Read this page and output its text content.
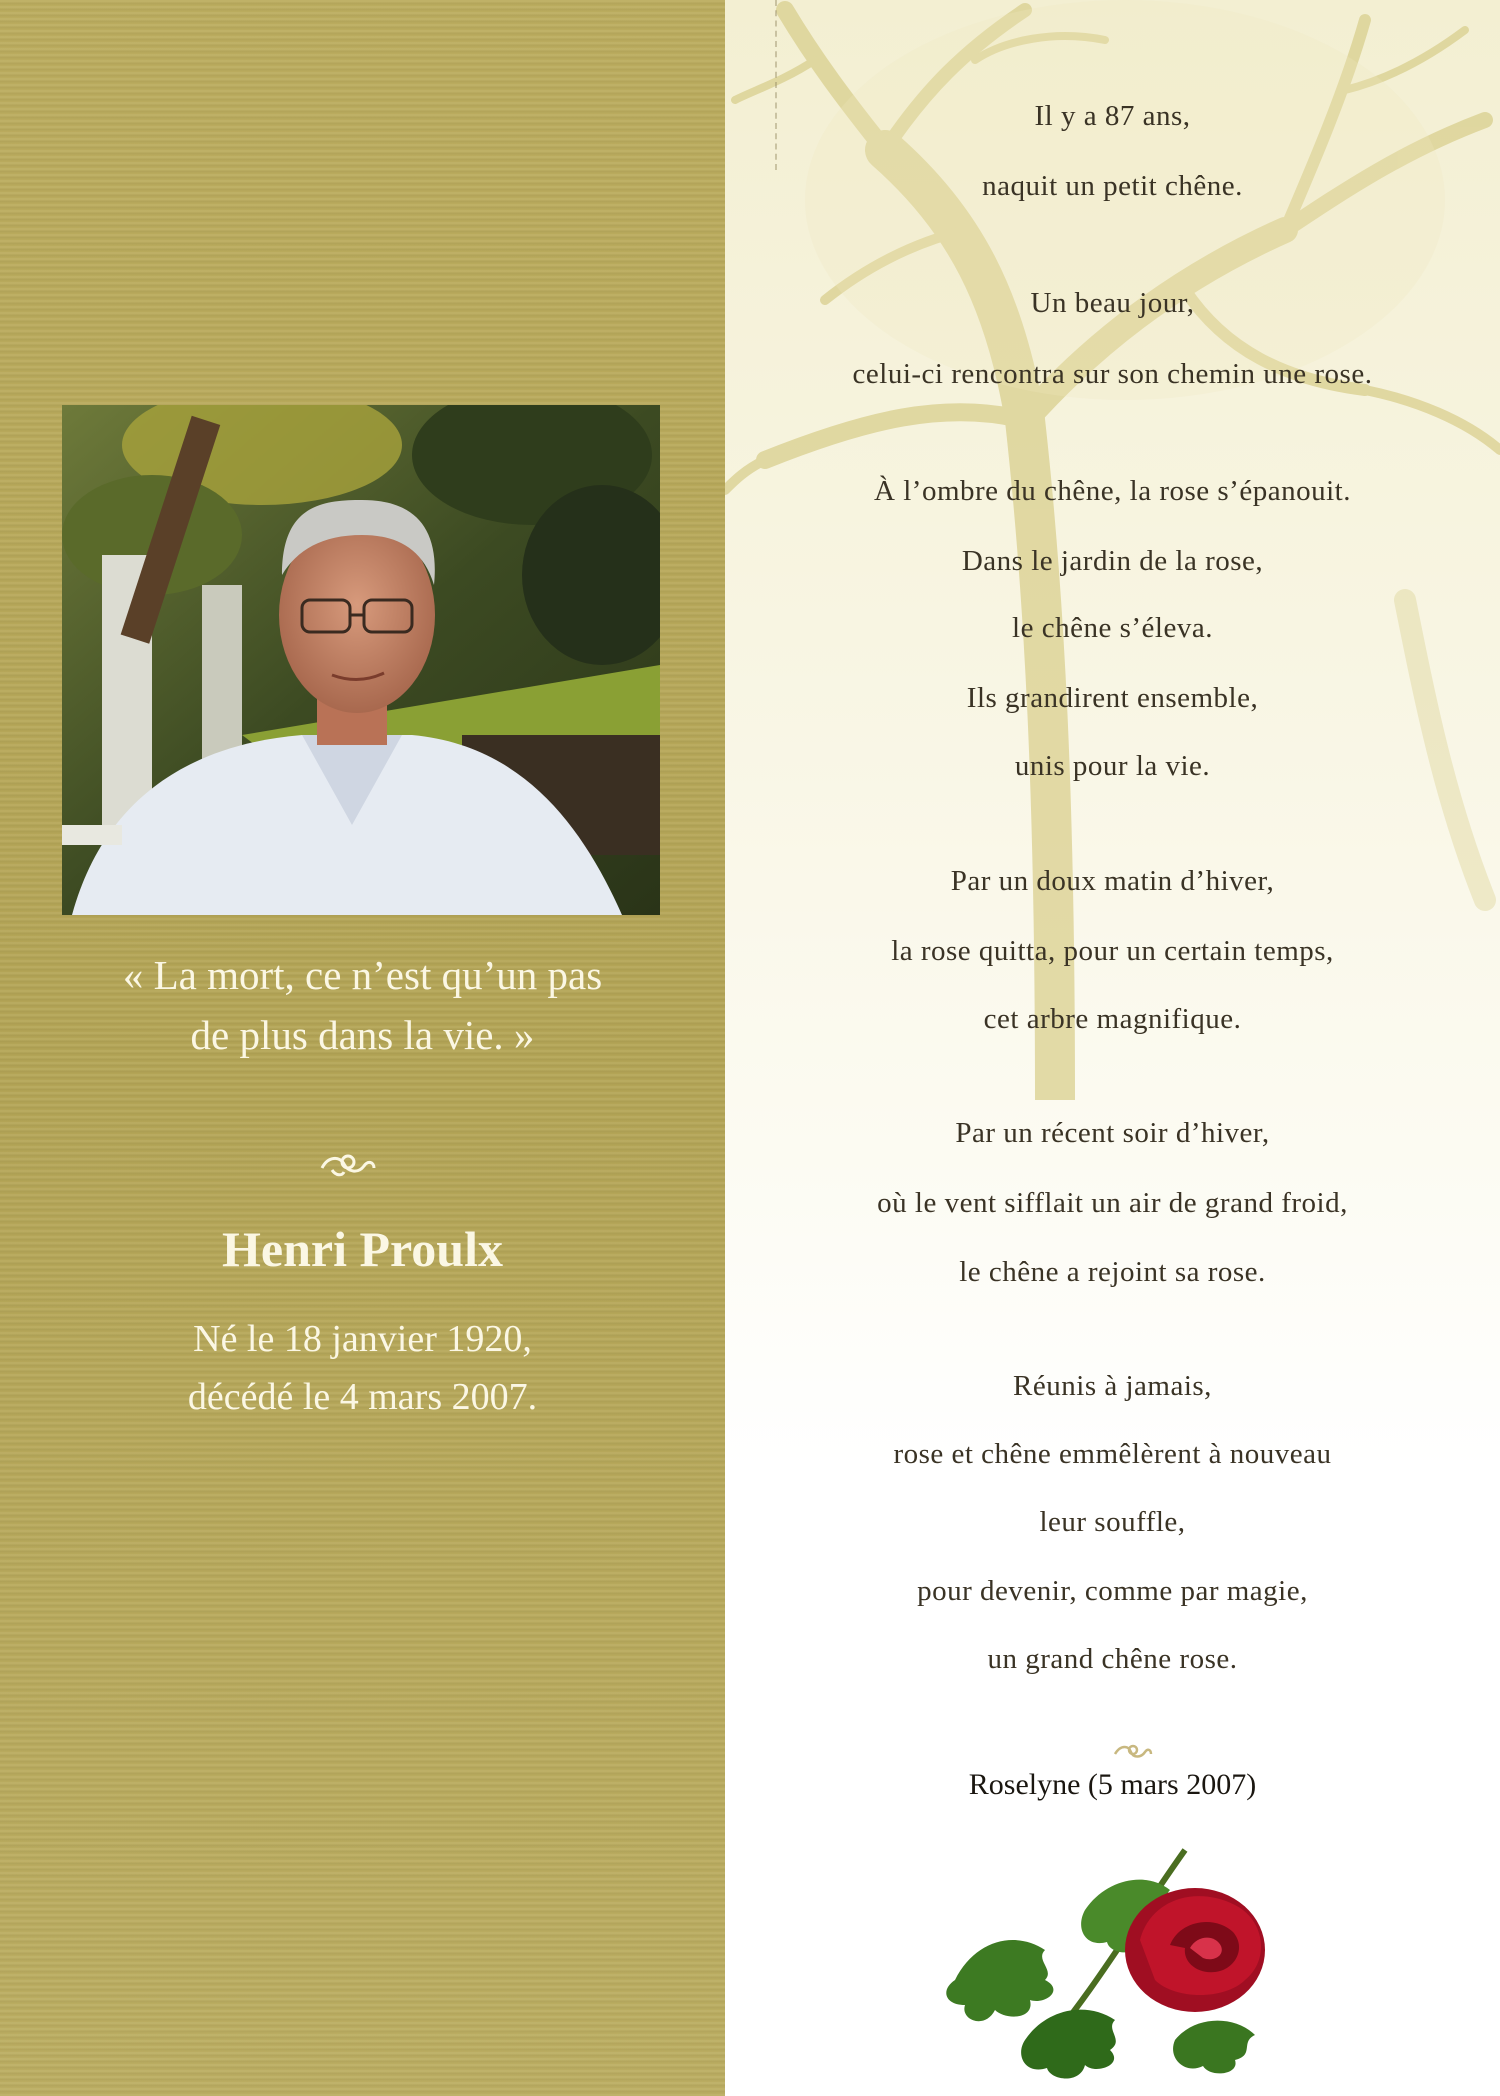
« La mort, ce n’est qu’un pas
de plus dans la vie. »
Henri Proulx
Né le 18 janvier 1920,
décédé le 4 mars 2007.
Il y a 87 ans,
naquit un petit chêne.
Un beau jour,
celui-ci rencontra sur son chemin une rose.
À l’ombre du chêne, la rose s’épanouit.
Dans le jardin de la rose,
le chêne s’éleva.
Ils grandirent ensemble,
unis pour la vie.
Par un doux matin d’hiver,
la rose quitta, pour un certain temps,
cet arbre magnifique.
Par un récent soir d’hiver,
où le vent sifflait un air de grand froid,
le chêne a rejoint sa rose.
Réunis à jamais,
rose et chêne emmêlèrent à nouveau
leur souffle,
pour devenir, comme par magie,
un grand chêne rose.
Roselyne (5 mars 2007)
